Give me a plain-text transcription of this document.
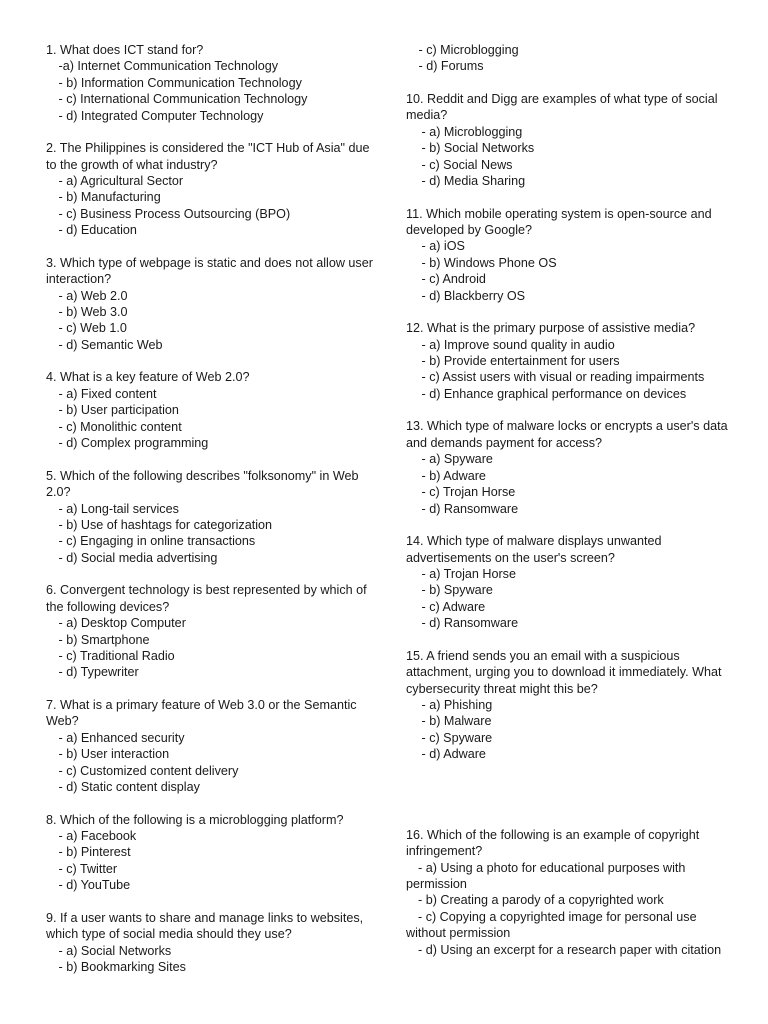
1. What does ICT stand for?

-a) Internet Communication Technology

- b) Information Communication Technology

- c) International Communication Technology

- d) Integrated Computer Technology

2. The Philippines is considered the "ICT Hub of Asia" due to the growth of what industry?

- a) Agricultural Sector

- b) Manufacturing

- c) Business Process Outsourcing (BPO)

- d) Education

3. Which type of webpage is static and does not allow user interaction?

- a) Web 2.0

- b) Web 3.0

- c) Web 1.0

- d) Semantic Web

4. What is a key feature of Web 2.0?

- a) Fixed content

- b) User participation

- c) Monolithic content

- d) Complex programming

5. Which of the following describes "folksonomy" in Web 2.0?

- a) Long-tail services

- b) Use of hashtags for categorization

- c) Engaging in online transactions

- d) Social media advertising

6. Convergent technology is best represented by which of the following devices?

- a) Desktop Computer

- b) Smartphone

- c) Traditional Radio

- d) Typewriter

7. What is a primary feature of Web 3.0 or the Semantic Web?

- a) Enhanced security

- b) User interaction

- c) Customized content delivery

- d) Static content display

8. Which of the following is a microblogging platform?

- a) Facebook

- b) Pinterest

- c) Twitter

- d) YouTube

9. If a user wants to share and manage links to websites, which type of social media should they use?

- a) Social Networks

- b) Bookmarking Sites

- c) Microblogging

- d) Forums

10. Reddit and Digg are examples of what type of social media?

- a) Microblogging

- b) Social Networks

- c) Social News

- d) Media Sharing

11. Which mobile operating system is open-source and developed by Google?

- a) iOS

- b) Windows Phone OS

- c) Android

- d) Blackberry OS

12. What is the primary purpose of assistive media?

- a) Improve sound quality in audio

- b) Provide entertainment for users

- c) Assist users with visual or reading impairments

- d) Enhance graphical performance on devices

13. Which type of malware locks or encrypts a user's data and demands payment for access?

- a) Spyware

- b) Adware

- c) Trojan Horse

- d) Ransomware

14. Which type of malware displays unwanted advertisements on the user's screen?

- a) Trojan Horse

- b) Spyware

- c) Adware

- d) Ransomware

15. A friend sends you an email with a suspicious attachment, urging you to download it immediately. What cybersecurity threat might this be?

- a) Phishing

- b) Malware

- c) Spyware

- d) Adware

16. Which of the following is an example of copyright infringement?

- a) Using a photo for educational purposes with permission

- b) Creating a parody of a copyrighted work

- c) Copying a copyrighted image for personal use without permission

- d) Using an excerpt for a research paper with citation
